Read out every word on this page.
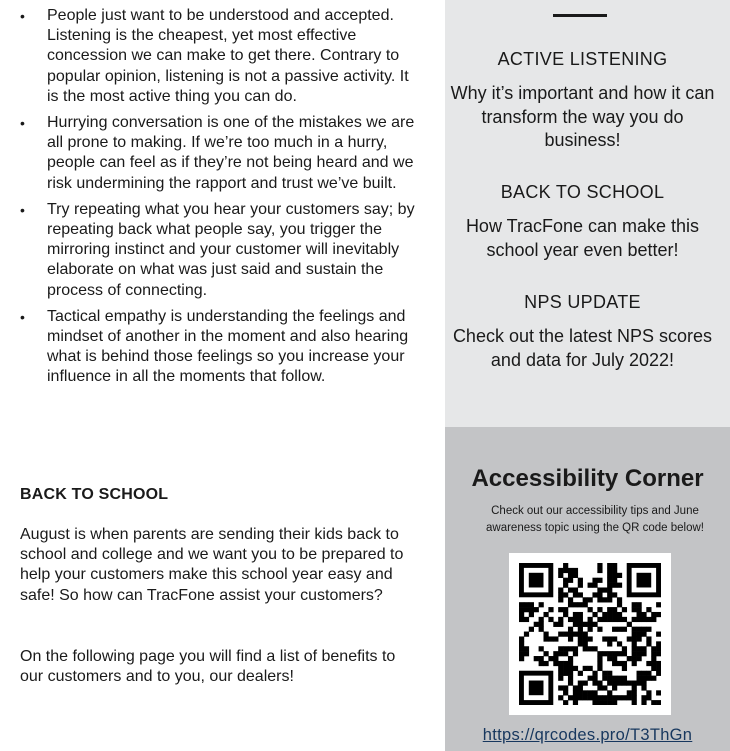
• People just want to be understood and accepted. Listening is the cheapest, yet most effective concession we can make to get there. Contrary to popular opinion, listening is not a passive activity. It is the most active thing you can do.
• Hurrying conversation is one of the mistakes we are all prone to making. If we’re too much in a hurry, people can feel as if they’re not being heard and we risk undermining the rapport and trust we’ve built.
• Try repeating what you hear your customers say; by repeating back what people say, you trigger the mirroring instinct and your customer will inevitably elaborate on what was just said and sustain the process of connecting.
• Tactical empathy is understanding the feelings and mindset of another in the moment and also hearing what is behind those feelings so you increase your influence in all the moments that follow.
BACK TO SCHOOL

August is when parents are sending their kids back to school and college and we want you to be prepared to help your customers make this school year easy and safe! So how can TracFone assist your customers?

On the following page you will find a list of benefits to our customers and to you, our dealers!

ACTIVE LISTENING
Why it’s important and how it can transform the way you do business!
BACK TO SCHOOL
How TracFone can make this school year even better!
NPS UPDATE
Check out the latest NPS scores and data for July 2022!
Accessibility Corner
Check out our accessibility tips and June awareness topic using the QR code below!
https://qrcodes.pro/T3ThGn
